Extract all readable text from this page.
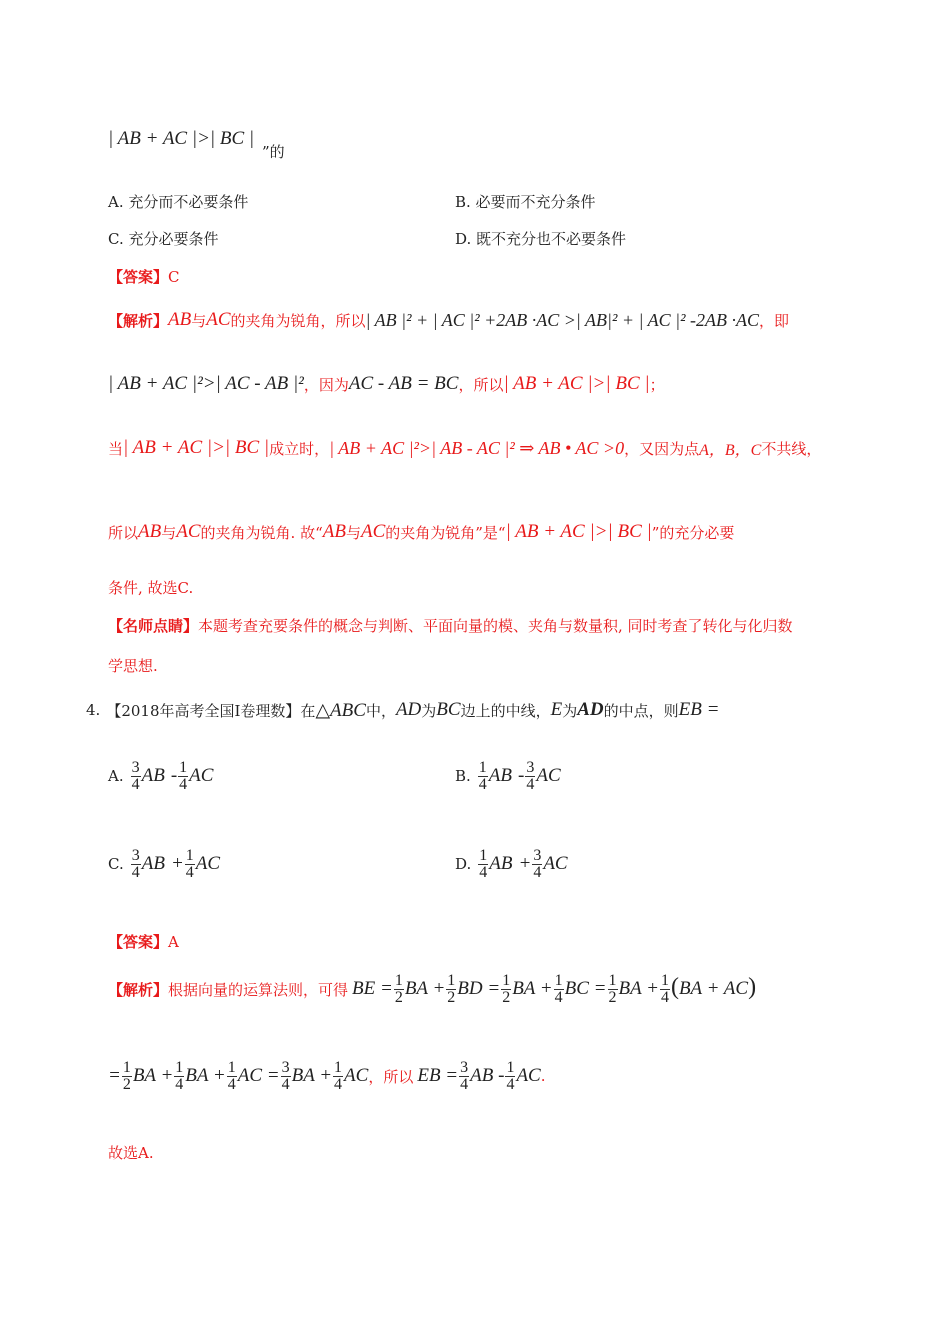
| AB + AC |>| BC |
”的
A. 充分而不必要条件	B. 必要而不充分条件
C. 充分必要条件	D. 既不充分也不必要条件
【答案】C
【解析】 AB 与 AC 的夹角为锐角，所以 | AB |² + | AC |² +2AB ·AC >| AB|² + | AC |² -2AB ·AC ，即
| AB + AC |²>| AC - AB |² ，因为 AC - AB = BC ，所以 | AB + AC |>| BC | ；
当 | AB + AC |>| BC | 成立时， | AB + AC |²>| AB - AC |² ⇒ AB • AC >0 ，又因为点 A，B，C 不共线，
所以 AB 与 AC 的夹角为锐角. 故“ AB 与 AC 的夹角为锐角”是“ | AB + AC |>| BC | ”的充分必要
条件, 故选C.
【名师点睛】本题考查充要条件的概念与判断、平面向量的模、夹角与数量积, 同时考查了转化与化归数
学思想.
4. 【2018年高考全国Ⅰ卷理数】 在 △ABC 中， AD 为 BC 边上的中线， E 为 AD 的中点，则 EB =
A. $\frac{3}{4}$ AB - $\frac{1}{4}$ AC	B. $\frac{1}{4}$ AB - $\frac{3}{4}$ AC
C. $\frac{3}{4}$ AB + $\frac{1}{4}$ AC	D. $\frac{1}{4}$ AB + $\frac{3}{4}$ AC
【答案】A
【解析】 根据向量的运算法则，可得 BE = $\frac{1}{2}$ BA + $\frac{1}{2}$ BD = $\frac{1}{2}$ BA + $\frac{1}{4}$ BC = $\frac{1}{2}$ BA + $\frac{1}{4} (BA + AC)$
= $\frac{1}{2}$ BA + $\frac{1}{4}$ BA + $\frac{1}{4}$ AC = $\frac{3}{4}$ BA + $\frac{1}{4}$ AC ，所以 EB = $\frac{3}{4}$ AB - $\frac{1}{4}$ AC .
故选A.
